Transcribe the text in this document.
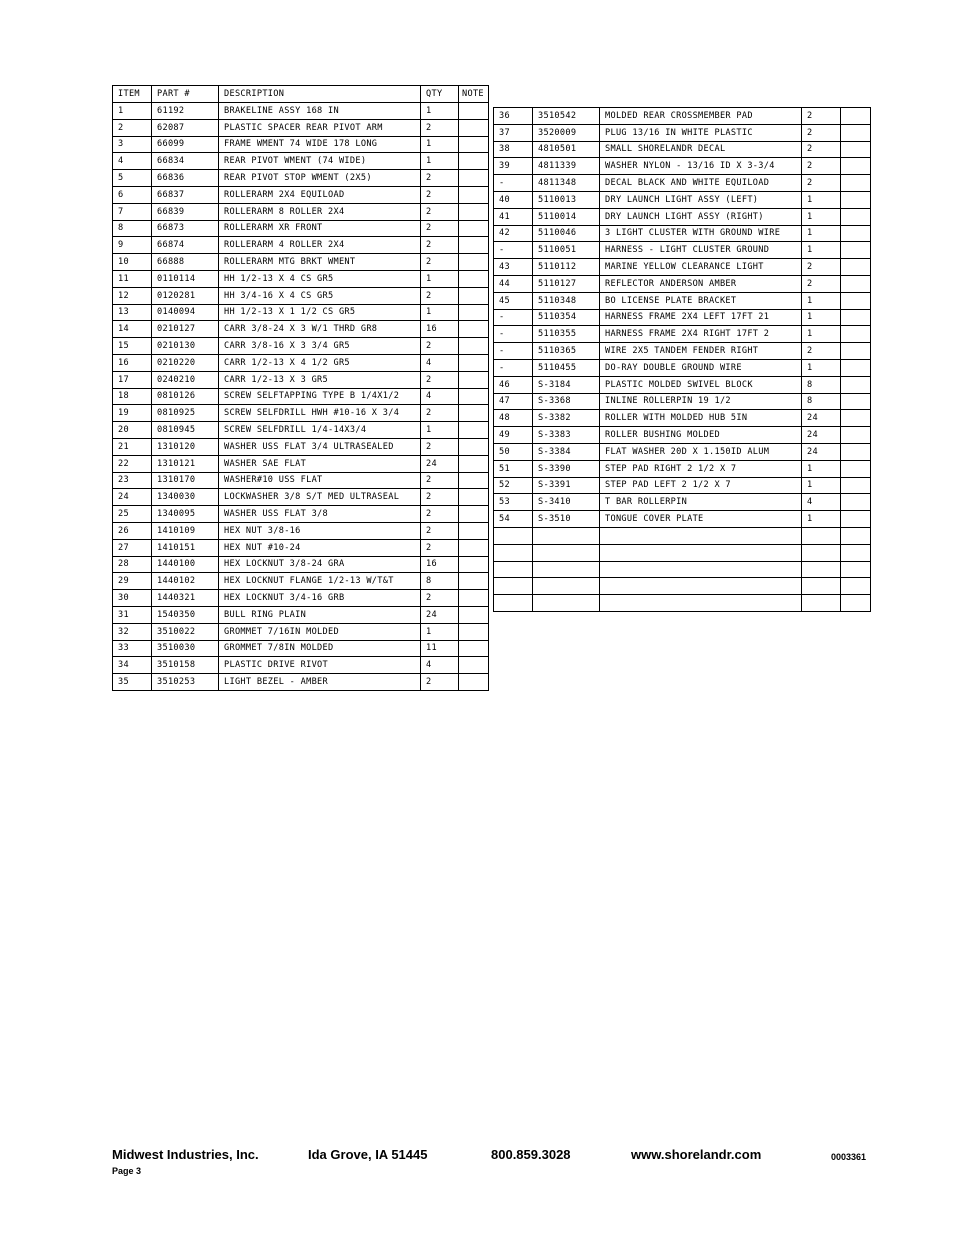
ITEM	PART #	DESCRIPTION	QTY	NOTE
1	61192	BRAKELINE ASSY 168 IN	1	
2	62087	PLASTIC SPACER REAR PIVOT ARM	2	
3	66099	FRAME WMENT 74 WIDE 178 LONG	1	
4	66834	REAR PIVOT WMENT (74 WIDE)	1	
5	66836	REAR PIVOT STOP WMENT (2X5)	2	
6	66837	ROLLERARM 2X4 EQUILOAD	2	
7	66839	ROLLERARM 8 ROLLER 2X4	2	
8	66873	ROLLERARM XR FRONT	2	
9	66874	ROLLERARM 4 ROLLER 2X4	2	
10	66888	ROLLERARM MTG BRKT WMENT	2	
11	0110114	HH 1/2-13 X 4 CS GR5	1	
12	0120281	HH 3/4-16 X 4 CS GR5	2	
13	0140094	HH 1/2-13 X 1 1/2 CS GR5	1	
14	0210127	CARR 3/8-24 X 3 W/1 THRD GR8	16	
15	0210130	CARR 3/8-16 X 3 3/4 GR5	2	
16	0210220	CARR 1/2-13 X 4 1/2 GR5	4	
17	0240210	CARR 1/2-13 X 3 GR5	2	
18	0810126	SCREW SELFTAPPING TYPE B 1/4X1/2	4	
19	0810925	SCREW SELFDRILL HWH #10-16 X 3/4	2	
20	0810945	SCREW SELFDRILL 1/4-14X3/4	1	
21	1310120	WASHER USS FLAT 3/4 ULTRASEALED	2	
22	1310121	WASHER SAE FLAT	24	
23	1310170	WASHER#10 USS FLAT	2	
24	1340030	LOCKWASHER 3/8 S/T MED ULTRASEAL	2	
25	1340095	WASHER USS FLAT 3/8	2	
26	1410109	HEX NUT 3/8-16	2	
27	1410151	HEX NUT #10-24	2	
28	1440100	HEX LOCKNUT 3/8-24 GRA	16	
29	1440102	HEX LOCKNUT FLANGE 1/2-13 W/T&T	8	
30	1440321	HEX LOCKNUT 3/4-16 GRB	2	
31	1540350	BULL RING PLAIN	24	
32	3510022	GROMMET 7/16IN MOLDED	1	
33	3510030	GROMMET 7/8IN MOLDED	11	
34	3510158	PLASTIC DRIVE RIVOT	4	
35	3510253	LIGHT BEZEL - AMBER	2	
36	3510542	MOLDED REAR CROSSMEMBER PAD	2	
37	3520009	PLUG 13/16 IN WHITE PLASTIC	2	
38	4810501	SMALL SHORELANDR DECAL	2	
39	4811339	WASHER NYLON - 13/16 ID X 3-3/4	2	
-	4811348	DECAL BLACK AND WHITE EQUILOAD	2	
40	5110013	DRY LAUNCH LIGHT ASSY (LEFT)	1	
41	5110014	DRY LAUNCH LIGHT ASSY (RIGHT)	1	
42	5110046	3 LIGHT CLUSTER WITH GROUND WIRE	1	
-	5110051	HARNESS - LIGHT CLUSTER GROUND	1	
43	5110112	MARINE YELLOW CLEARANCE LIGHT	2	
44	5110127	REFLECTOR ANDERSON AMBER	2	
45	5110348	BO LICENSE PLATE BRACKET	1	
-	5110354	HARNESS FRAME 2X4 LEFT 17FT 21	1	
-	5110355	HARNESS FRAME 2X4 RIGHT 17FT 2	1	
-	5110365	WIRE 2X5 TANDEM FENDER RIGHT	2	
-	5110455	DO-RAY DOUBLE GROUND WIRE	1	
46	S-3184	PLASTIC MOLDED SWIVEL BLOCK	8	
47	S-3368	INLINE ROLLERPIN 19 1/2	8	
48	S-3382	ROLLER WITH MOLDED HUB 5IN	24	
49	S-3383	ROLLER BUSHING MOLDED	24	
50	S-3384	FLAT WASHER 20D X 1.150ID ALUM	24	
51	S-3390	STEP PAD RIGHT 2 1/2 X 7	1	
52	S-3391	STEP PAD LEFT 2 1/2 X 7	1	
53	S-3410	T BAR ROLLERPIN	4	
54	S-3510	TONGUE COVER PLATE	1	

Midwest Industries, Inc.	Ida Grove, IA 51445	800.859.3028	www.shorelandr.com	0003361
Page 3
